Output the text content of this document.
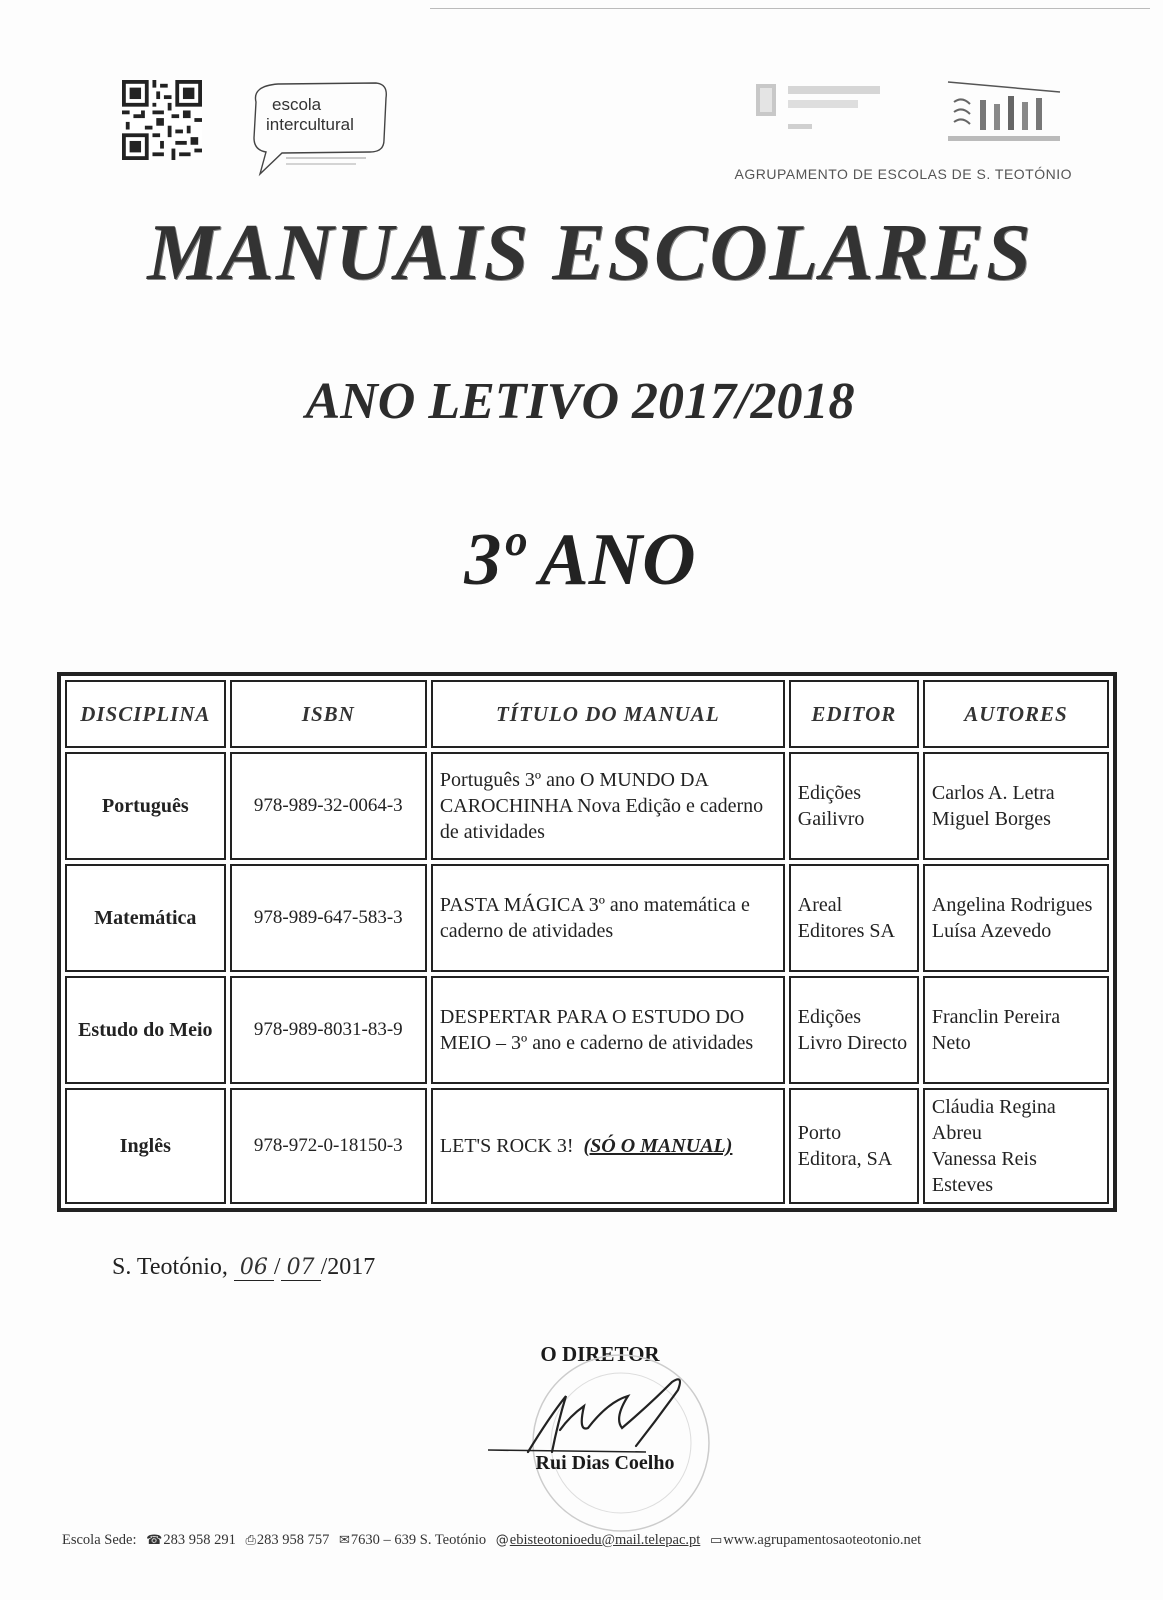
escola
intercultural
AGRUPAMENTO DE ESCOLAS DE S. TEOTÓNIO
MANUAIS ESCOLARES
ANO LETIVO 2017/2018
3º ANO
DISCIPLINA	ISBN	TÍTULO DO MANUAL	EDITOR	AUTORES
Português	978-989-32-0064-3	Português 3º ano O MUNDO DA CAROCHINHA Nova Edição e caderno de atividades	Edições Gailivro	Carlos A. Letra
Miguel Borges

Matemática	978-989-647-583-3	PASTA MÁGICA 3º ano matemática e caderno de atividades	Areal Editores SA	Angelina Rodrigues
Luísa Azevedo

Estudo do Meio	978-989-8031-83-9	DESPERTAR PARA O ESTUDO DO MEIO – 3º ano e caderno de atividades	Edições Livro Directo	Franclin Pereira Neto

Inglês	978-972-0-18150-3	LET'S ROCK 3! (SÓ O MANUAL)	Porto Editora, SA	Cláudia Regina Abreu
Vanessa Reis Esteves
S. Teotónio, 06 / 07 /2017
O DIRETOR
Rui Dias Coelho
Escola Sede: ☎283 958 291 ⎙283 958 757 ✉7630 – 639 S. Teotónio @ebisteotonioedu@mail.telepac.pt ▭www.agrupamentosaoteotonio.net
